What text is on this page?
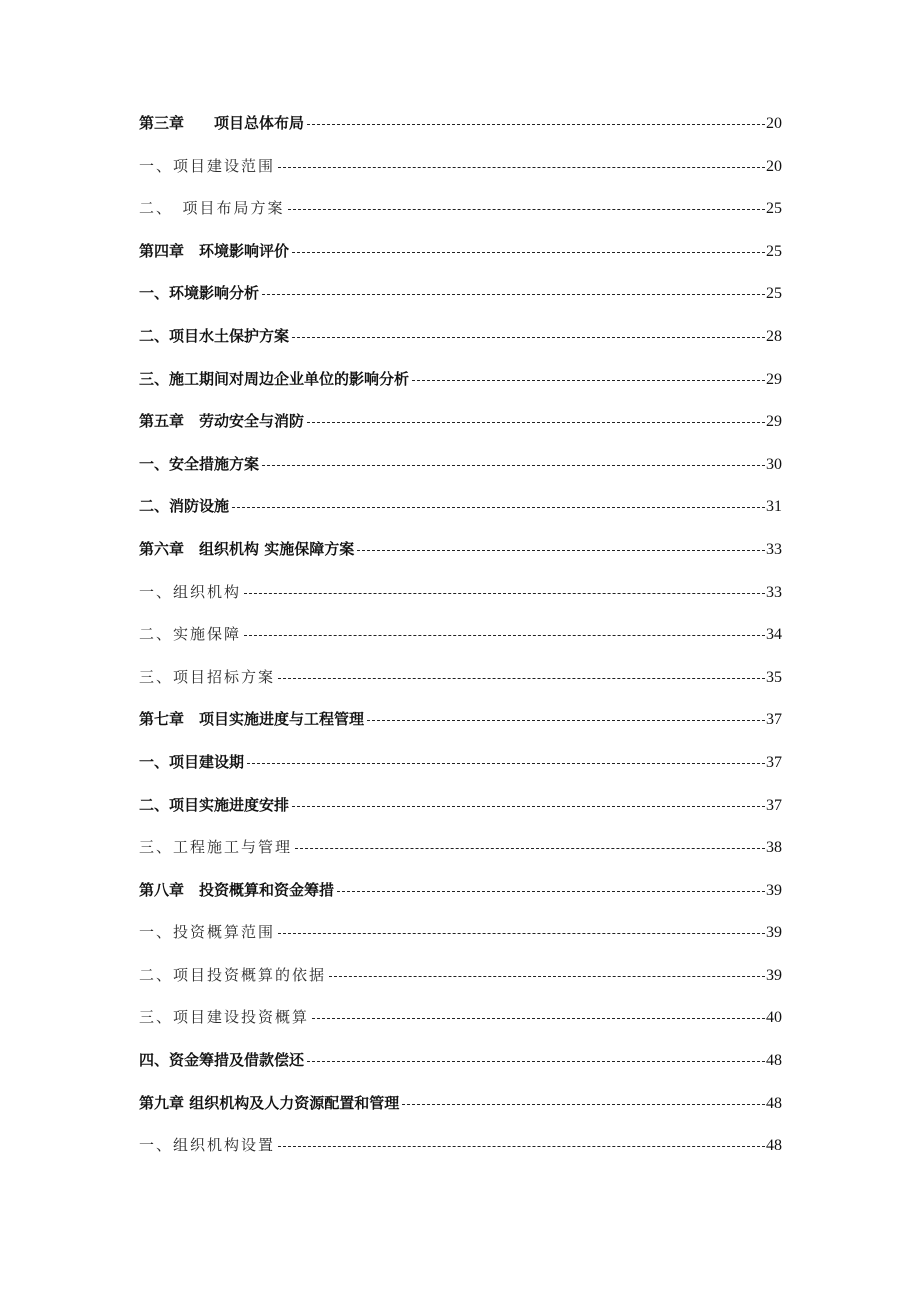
第三章　　项目总体布局	20
一、项目建设范围	20
二、　项目布局方案	25
第四章　环境影响评价	25
一、环境影响分析	25
二、项目水土保护方案	28
三、施工期间对周边企业单位的影响分析	29
第五章　劳动安全与消防	29
一、安全措施方案	30
二、消防设施	31
第六章　组织机构 实施保障方案	33
一、组织机构	33
二、实施保障	34
三、项目招标方案	35
第七章　项目实施进度与工程管理	37
一、项目建设期	37
二、项目实施进度安排	37
三、工程施工与管理	38
第八章　投资概算和资金筹措	39
一、投资概算范围	39
二、项目投资概算的依据	39
三、项目建设投资概算	40
四、资金筹措及借款偿还	48
第九章 组织机构及人力资源配置和管理	48
一、组织机构设置	48
